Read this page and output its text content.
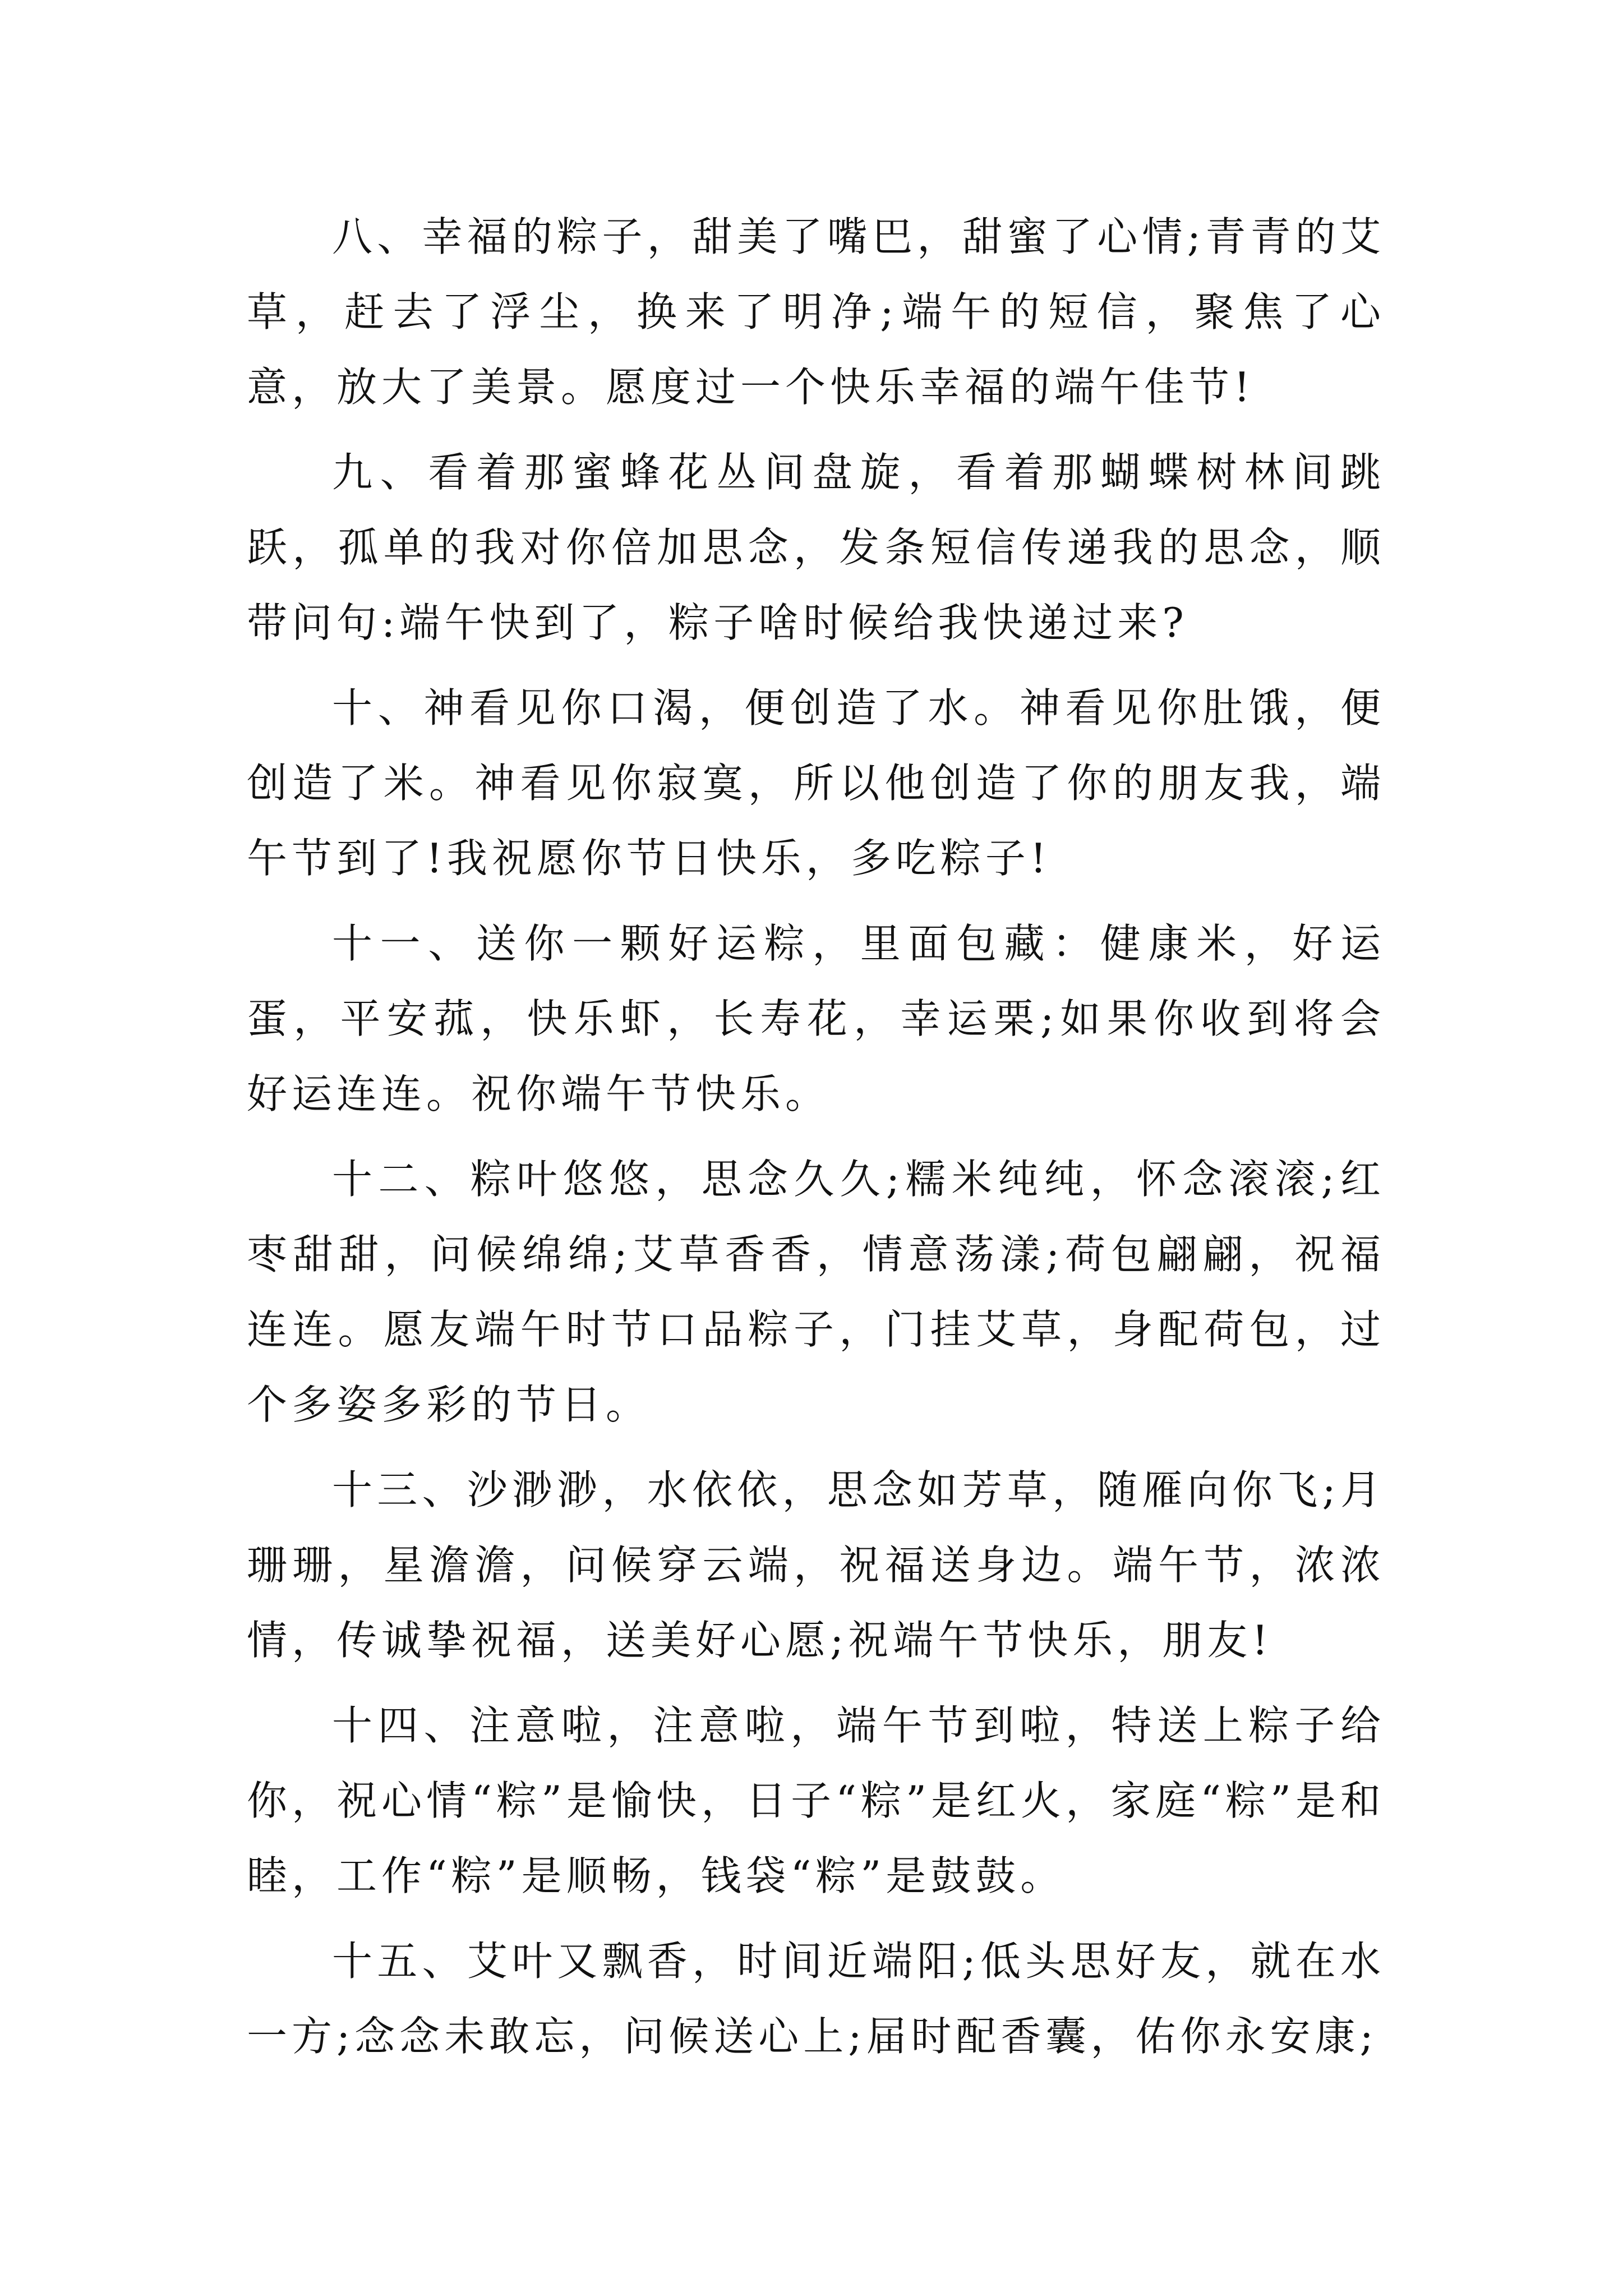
八、幸福的粽子，甜美了嘴巴，甜蜜了心情;青青的艾草，赶去了浮尘，换来了明净;端午的短信，聚焦了心意，放大了美景。愿度过一个快乐幸福的端午佳节!

九、看着那蜜蜂花丛间盘旋，看着那蝴蝶树林间跳跃，孤单的我对你倍加思念，发条短信传递我的思念，顺带问句:端午快到了，粽子啥时候给我快递过来?

十、神看见你口渴，便创造了水。神看见你肚饿，便创造了米。神看见你寂寞，所以他创造了你的朋友我，端午节到了!我祝愿你节日快乐，多吃粽子!

十一、送你一颗好运粽，里面包藏：健康米，好运蛋，平安菰，快乐虾，长寿花，幸运栗;如果你收到将会好运连连。祝你端午节快乐。

十二、粽叶悠悠，思念久久;糯米纯纯，怀念滚滚;红枣甜甜，问候绵绵;艾草香香，情意荡漾;荷包翩翩，祝福连连。愿友端午时节口品粽子，门挂艾草，身配荷包，过个多姿多彩的节日。

十三、沙渺渺，水依依，思念如芳草，随雁向你飞;月珊珊，星澹澹，问候穿云端，祝福送身边。端午节，浓浓情，传诚挚祝福，送美好心愿;祝端午节快乐，朋友!

十四、注意啦，注意啦，端午节到啦，特送上粽子给你，祝心情“粽”是愉快，日子“粽”是红火，家庭“粽”是和睦，工作“粽”是顺畅，钱袋“粽”是鼓鼓。

十五、艾叶又飘香，时间近端阳;低头思好友，就在水一方;念念未敢忘，问候送心上;届时配香囊，佑你永安康;
